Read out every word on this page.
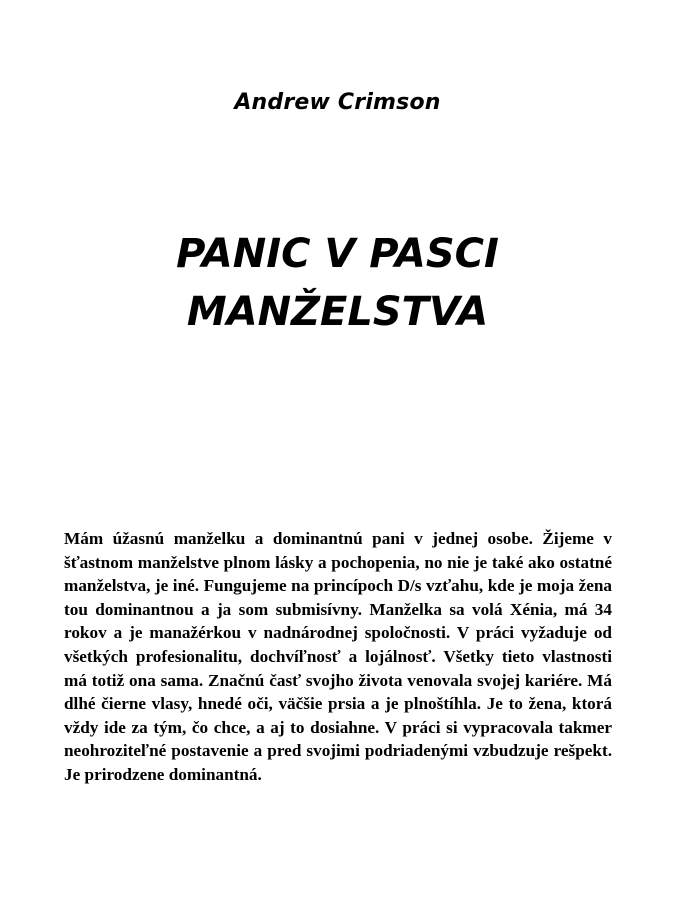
Andrew Crimson
PANIC V PASCI
MANŽELSTVA
Mám úžasnú manželku a dominantnú pani v jednej osobe. Žijeme v šťastnom manželstve plnom lásky a pochopenia, no nie je také ako ostatné manželstva, je iné. Fungujeme na princípoch D/s vzťahu, kde je moja žena tou dominantnou a ja som submisívny. Manželka sa volá Xénia, má 34 rokov a je manažérkou v nadnárodnej spoločnosti. V práci vyžaduje od všetkých profesionalitu, dochvíľnosť a lojálnosť. Všetky tieto vlastnosti má totiž ona sama. Značnú časť svojho života venovala svojej kariére. Má dlhé čierne vlasy, hnedé oči, väčšie prsia a je plnoštíhla. Je to žena, ktorá vždy ide za tým, čo chce, a aj to dosiahne. V práci si vypracovala takmer neohroziteľné postavenie a pred svojimi podriadenými vzbudzuje rešpekt. Je prirodzene dominantná.
